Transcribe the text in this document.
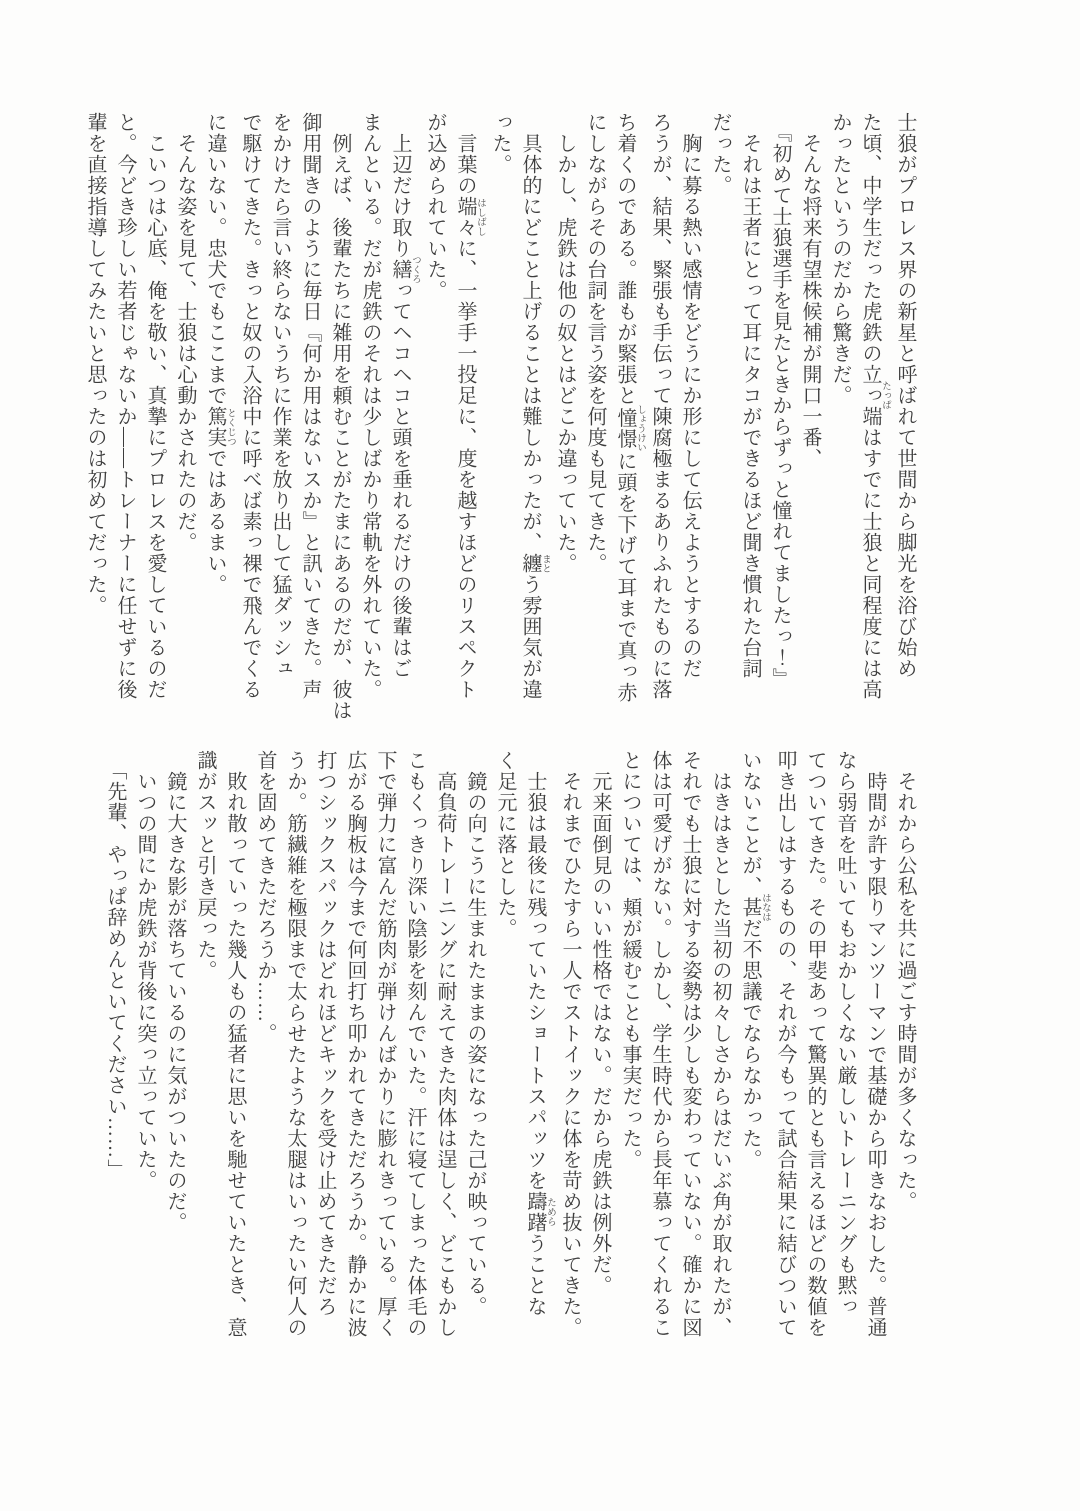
士狼がプロレス界の新星と呼ばれて世間から脚光を浴び始め

た頃、中学生だった虎鉄の立っ端 たっぱはすでに士狼と同程度には高

かったというのだから驚きだ。

そんな将来有望株候補が開口一番、

『初めて士狼選手を見たときからずっと憧れてましたっ！』

それは王者にとって耳にタコができるほど聞き慣れた台詞

だった。

胸に募る熱い感情をどうにか形にして伝えようとするのだ

ろうが、結果、緊張も手伝って陳腐極まるありふれたものに落

ち着くのである。誰もが緊張と憧憬 しょうけいに頭を下げて耳まで真っ赤

にしながらその台詞を言う姿を何度も見てきた。

しかし、虎鉄は他の奴とはどこか違っていた。

具体的にどこと上げることは難しかったが、纏 まとう雰囲気が違

った。

言葉の端々 はしばしに、一挙手一投足に、度を越すほどのリスペクト

が込められていた。

上辺だけ取り繕 つくろってヘコヘコと頭を垂れるだけの後輩はご

まんといる。だが虎鉄のそれは少しばかり常軌を外れていた。

例えば、後輩たちに雑用を頼むことがたまにあるのだが、彼は

御用聞きのように毎日『何か用はないスか』と訊いてきた。声

をかけたら言い終らないうちに作業を放り出して猛ダッシュ

で駆けてきた。きっと奴の入浴中に呼べば素っ裸で飛んでくる

に違いない。忠犬でもここまで篤実 とくじつではあるまい。

そんな姿を見て、士狼は心動かされたのだ。

こいつは心底、俺を敬い、真摯にプロレスを愛しているのだ

と。今どき珍しい若者じゃないか――トレーナーに任せずに後

輩を直接指導してみたいと思ったのは初めてだった。

それから公私を共に過ごす時間が多くなった。

時間が許す限りマンツーマンで基礎から叩きなおした。普通

なら弱音を吐いてもおかしくない厳しいトレーニングも黙っ

てついてきた。その甲斐あって驚異的とも言えるほどの数値を

叩き出しはするものの、それが今もって試合結果に結びついて

いないことが、甚 はなはだ不思議でならなかった。

はきはきとした当初の初々しさからはだいぶ角が取れたが、

それでも士狼に対する姿勢は少しも変わっていない。確かに図

体は可愛げがない。しかし、学生時代から長年慕ってくれるこ

とについては、頬が緩むことも事実だった。

元来面倒見のいい性格ではない。だから虎鉄は例外だ。

それまでひたすら一人でストイックに体を苛め抜いてきた。

士狼は最後に残っていたショートスパッツを躊躇 ためらうことな

く足元に落とした。

鏡の向こうに生まれたままの姿になった己が映っている。

高負荷トレーニングに耐えてきた肉体は逞しく、どこもかし

こもくっきり深い陰影を刻んでいた。汗に寝てしまった体毛の

下で弾力に富んだ筋肉が弾けんばかりに膨れきっている。厚く

広がる胸板は今まで何回打ち叩かれてきただろうか。静かに波

打つシックスパックはどれほどキックを受け止めてきただろ

うか。筋繊維を極限まで太らせたような太腿はいったい何人の

首を固めてきただろうか……。

敗れ散っていった幾人もの猛者に思いを馳せていたとき、意

識がスッと引き戻った。

鏡に大きな影が落ちているのに気がついたのだ。

いつの間にか虎鉄が背後に突っ立っていた。

「先輩、やっぱ辞めんといてください……」
